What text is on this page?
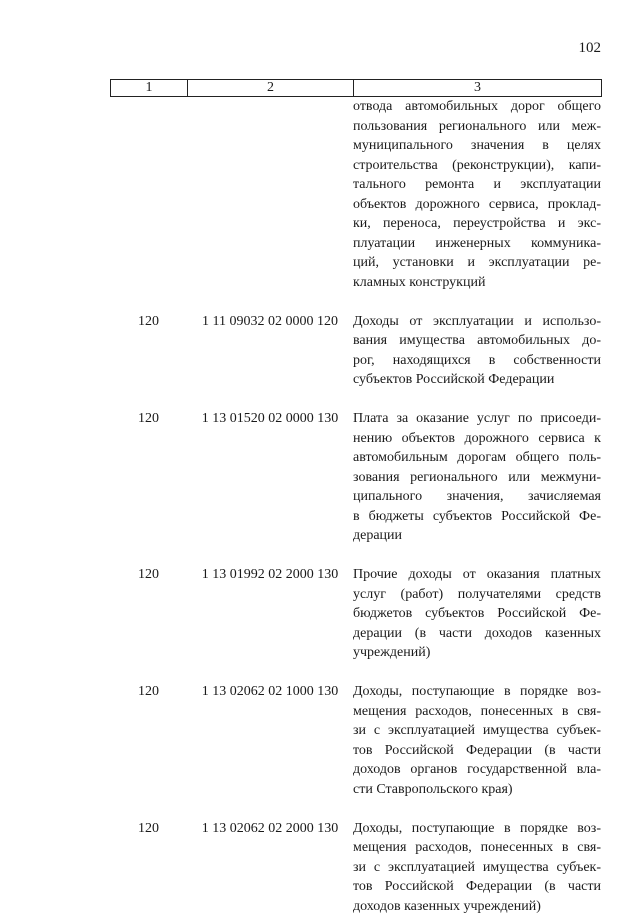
102
1	2	3
отвода автомобильных дорог общего
пользования регионального или меж-
муниципального значения в целях
строительства (реконструкции), капи-
тального ремонта и эксплуатации
объектов дорожного сервиса, проклад-
ки, переноса, переустройства и экс-
плуатации инженерных коммуника-
ций, установки и эксплуатации ре-
кламных конструкций
120	1 11 09032 02 0000 120	Доходы от эксплуатации и использо-
вания имущества автомобильных до-
рог, находящихся в собственности
субъектов Российской Федерации
120	1 13 01520 02 0000 130	Плата за оказание услуг по присоеди-
нению объектов дорожного сервиса к
автомобильным дорогам общего поль-
зования регионального или межмуни-
ципального значения, зачисляемая
в бюджеты субъектов Российской Фе-
дерации
120	1 13 01992 02 2000 130	Прочие доходы от оказания платных
услуг (работ) получателями средств
бюджетов субъектов Российской Фе-
дерации (в части доходов казенных
учреждений)
120	1 13 02062 02 1000 130	Доходы, поступающие в порядке воз-
мещения расходов, понесенных в свя-
зи с эксплуатацией имущества субъек-
тов Российской Федерации (в части
доходов органов государственной вла-
сти Ставропольского края)
120	1 13 02062 02 2000 130	Доходы, поступающие в порядке воз-
мещения расходов, понесенных в свя-
зи с эксплуатацией имущества субъек-
тов Российской Федерации (в части
доходов казенных учреждений)
